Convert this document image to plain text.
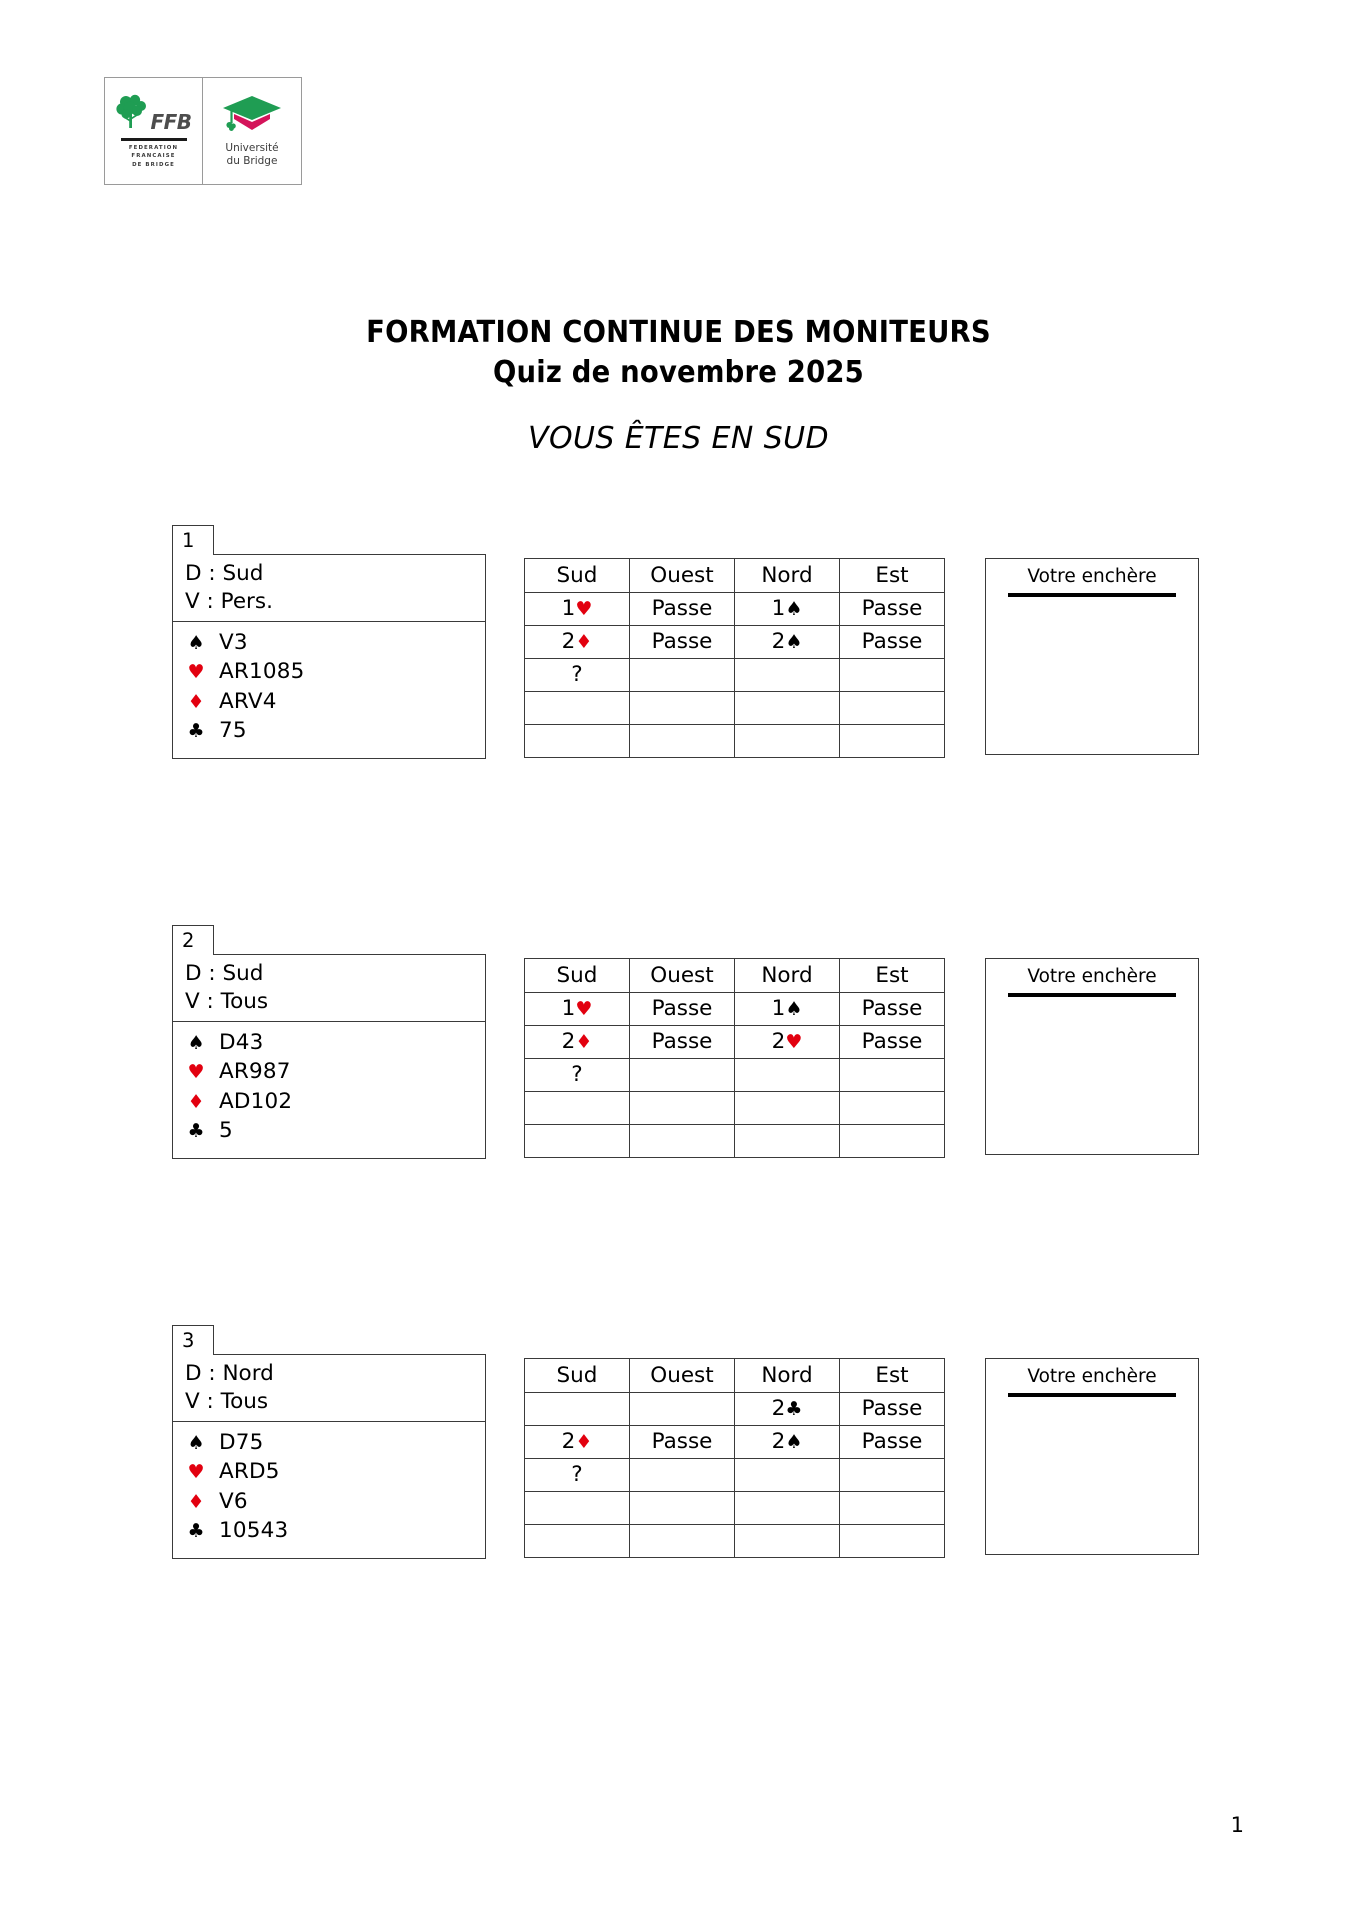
FFB
FEDERATION
FRANCAISE
DE BRIDGE
Université
du Bridge
FORMATION CONTINUE DES MONITEURS
Quiz de novembre 2025
VOUS ÊTES EN SUD
1
D : Sud
V : Pers.
♠ V3
♥ AR1085
♦ ARV4
♣ 75
Sud	Ouest	Nord	Est
1♥	Passe	1♠	Passe
2♦	Passe	2♠	Passe
?			

Votre enchère
2
D : Sud
V : Tous
♠ D43
♥ AR987
♦ AD102
♣ 5
Sud	Ouest	Nord	Est
1♥	Passe	1♠	Passe
2♦	Passe	2♥	Passe
?			

Votre enchère
3
D : Nord
V : Tous
♠ D75
♥ ARD5
♦ V6
♣ 10543
Sud	Ouest	Nord	Est
		2♣	Passe
2♦	Passe	2♠	Passe
?			

Votre enchère
1
